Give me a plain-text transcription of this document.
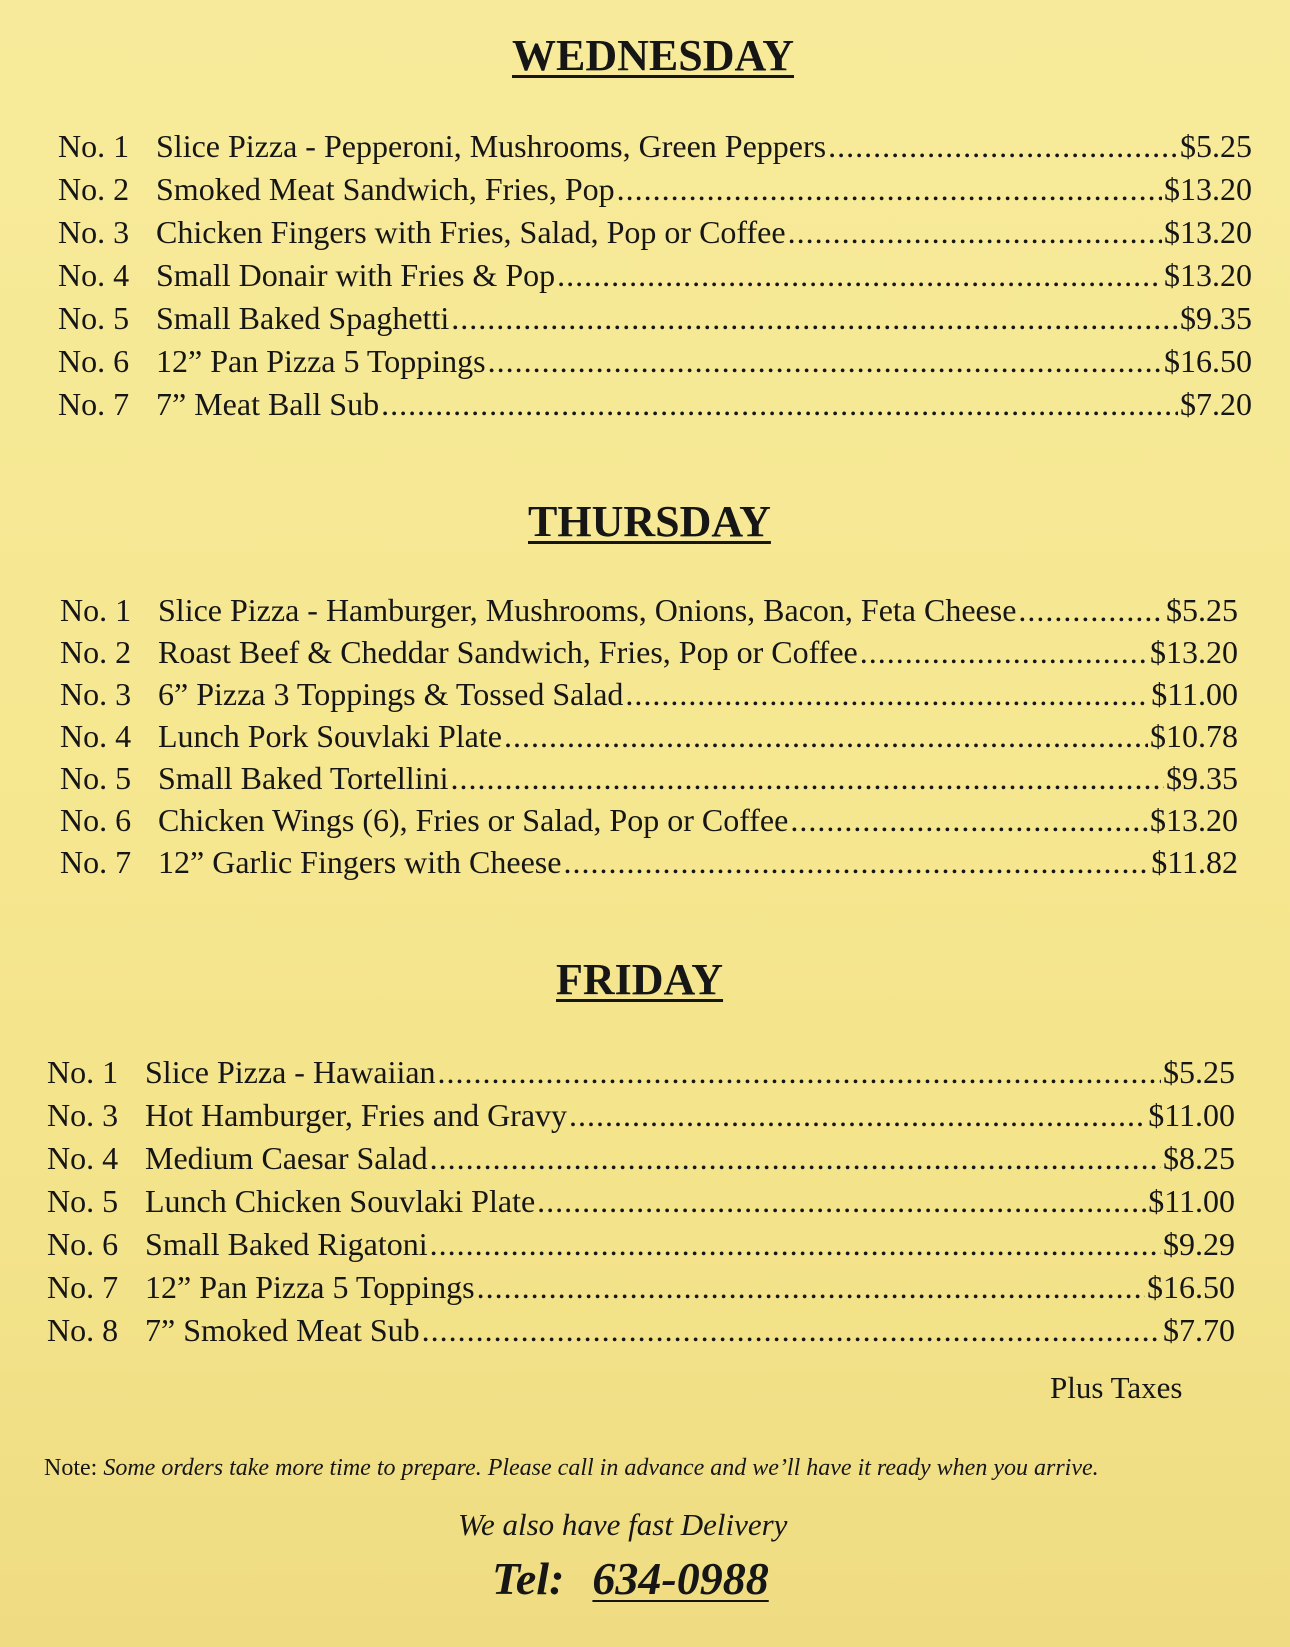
WEDNESDAY
No. 1 Slice Pizza - Pepperoni, Mushrooms, Green Peppers .....	$5.25
No. 2 Smoked Meat Sandwich, Fries, Pop .....	$13.20
No. 3 Chicken Fingers with Fries, Salad, Pop or Coffee .....	$13.20
No. 4 Small Donair with Fries & Pop .....	$13.20
No. 5 Small Baked Spaghetti .....	$9.35
No. 6 12” Pan Pizza 5 Toppings .....	$16.50
No. 7 7” Meat Ball Sub .....	$7.20
THURSDAY
No. 1 Slice Pizza - Hamburger, Mushrooms, Onions, Bacon, Feta Cheese .....	$5.25
No. 2 Roast Beef & Cheddar Sandwich, Fries, Pop or Coffee .....	$13.20
No. 3 6” Pizza 3 Toppings & Tossed Salad .....	$11.00
No. 4 Lunch Pork Souvlaki Plate .....	$10.78
No. 5 Small Baked Tortellini .....	$9.35
No. 6 Chicken Wings (6), Fries or Salad, Pop or Coffee .....	$13.20
No. 7 12” Garlic Fingers with Cheese .....	$11.82
FRIDAY
No. 1 Slice Pizza - Hawaiian .....	$5.25
No. 3 Hot Hamburger, Fries and Gravy .....	$11.00
No. 4 Medium Caesar Salad .....	$8.25
No. 5 Lunch Chicken Souvlaki Plate .....	$11.00
No. 6 Small Baked Rigatoni .....	$9.29
No. 7 12” Pan Pizza 5 Toppings .....	$16.50
No. 8 7” Smoked Meat Sub .....	$7.70
Plus Taxes
Note: Some orders take more time to prepare. Please call in advance and we’ll have it ready when you arrive.
We also have fast Delivery
Tel: 634-0988
